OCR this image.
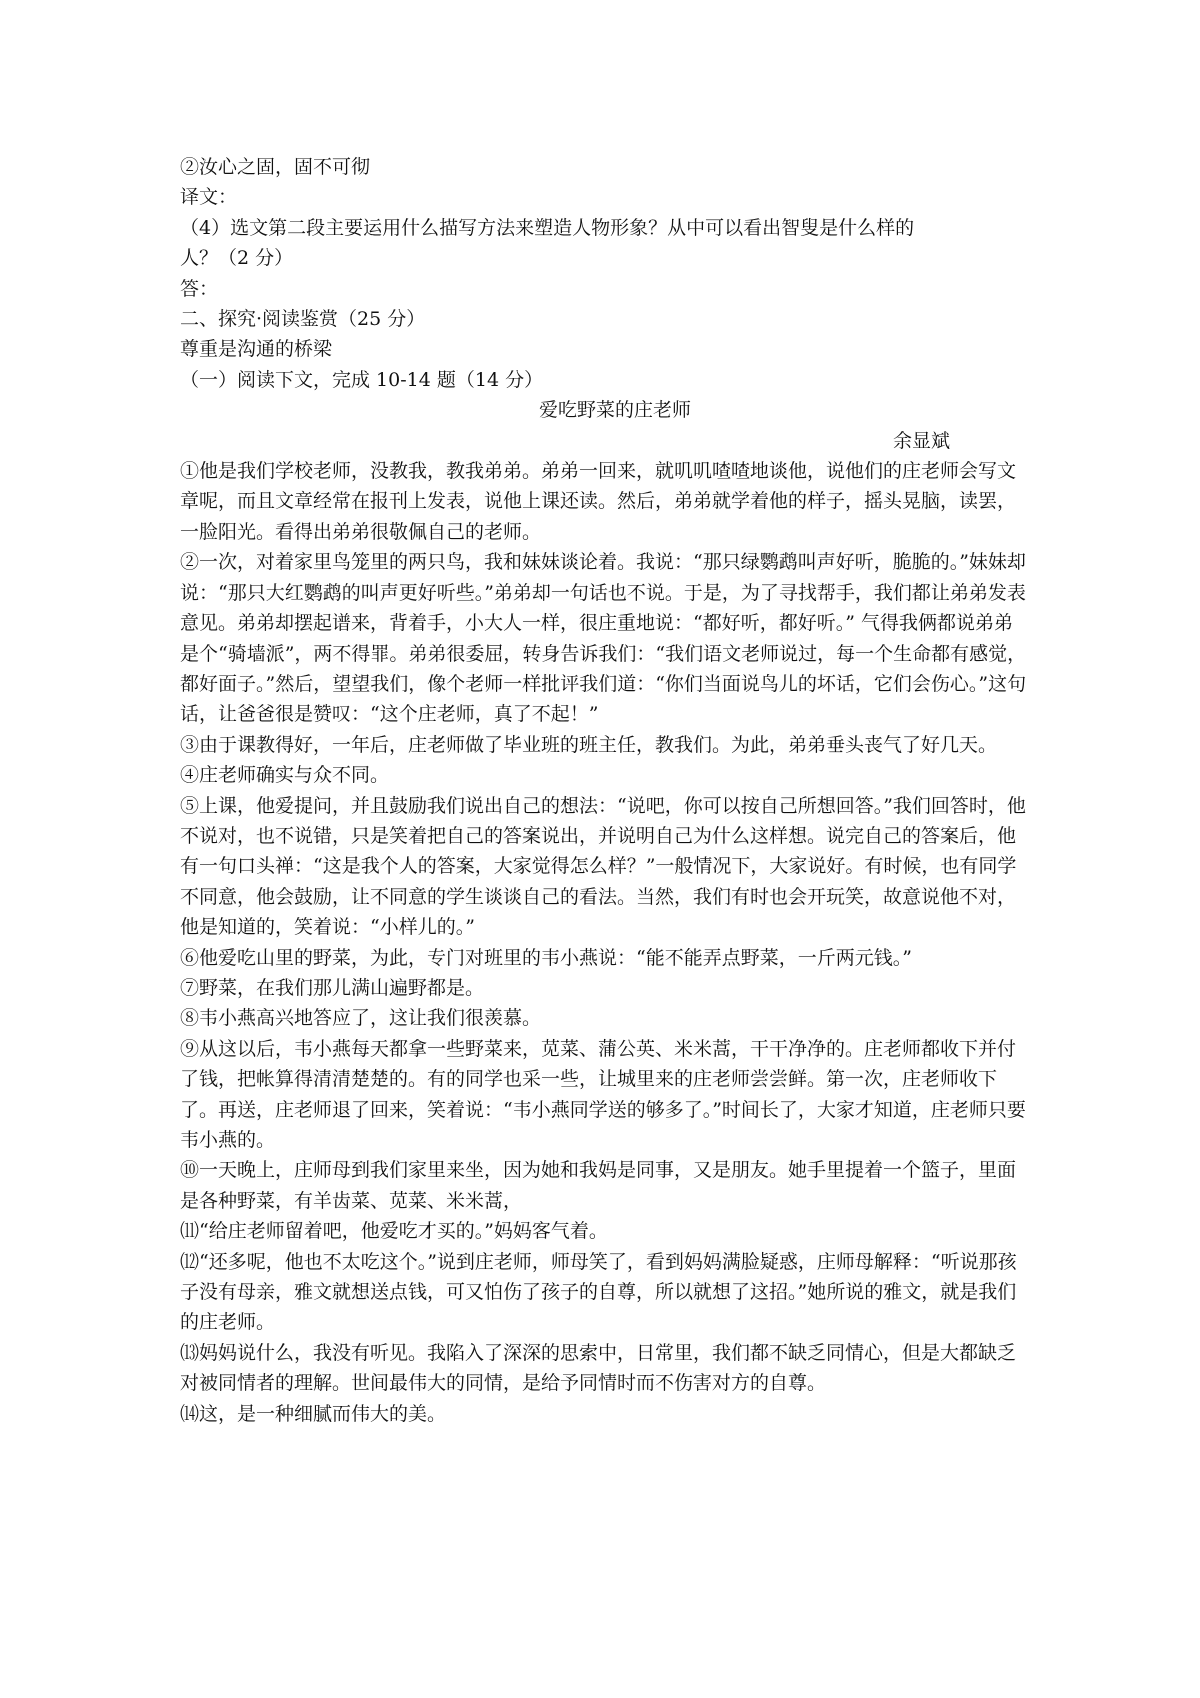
②汝心之固，固不可彻

译文：

（4）选文第二段主要运用什么描写方法来塑造人物形象？从中可以看出智叟是什么样的

人？（2 分）

答：

二、探究·阅读鉴赏（25 分）

尊重是沟通的桥梁

（一）阅读下文，完成 10-14 题（14 分）

爱吃野菜的庄老师

余显斌

①他是我们学校老师，没教我，教我弟弟。弟弟一回来，就叽叽喳喳地谈他，说他们的庄老师会写文章呢，而且文章经常在报刊上发表，说他上课还读。然后，弟弟就学着他的样子，摇头晃脑，读罢，一脸阳光。看得出弟弟很敬佩自己的老师。

②一次，对着家里鸟笼里的两只鸟，我和妹妹谈论着。我说：“那只绿鹦鹉叫声好听，脆脆的。”妹妹却说：“那只大红鹦鹉的叫声更好听些。”弟弟却一句话也不说。于是，为了寻找帮手，我们都让弟弟发表意见。弟弟却摆起谱来，背着手，小大人一样，很庄重地说：“都好听，都好听。” 气得我俩都说弟弟是个“骑墙派”，两不得罪。弟弟很委屈，转身告诉我们：“我们语文老师说过，每一个生命都有感觉，都好面子。”然后，望望我们，像个老师一样批评我们道：“你们当面说鸟儿的坏话，它们会伤心。”这句话，让爸爸很是赞叹：“这个庄老师，真了不起！”

③由于课教得好，一年后，庄老师做了毕业班的班主任，教我们。为此，弟弟垂头丧气了好几天。

④庄老师确实与众不同。

⑤上课，他爱提问，并且鼓励我们说出自己的想法：“说吧，你可以按自己所想回答。”我们回答时，他不说对，也不说错，只是笑着把自己的答案说出，并说明自己为什么这样想。说完自己的答案后，他有一句口头禅：“这是我个人的答案，大家觉得怎么样？”一般情况下，大家说好。有时候，也有同学不同意，他会鼓励，让不同意的学生谈谈自己的看法。当然，我们有时也会开玩笑，故意说他不对，他是知道的，笑着说：“小样儿的。”

⑥他爱吃山里的野菜，为此，专门对班里的韦小燕说：“能不能弄点野菜，一斤两元钱。”

⑦野菜，在我们那儿满山遍野都是。

⑧韦小燕高兴地答应了，这让我们很羡慕。

⑨从这以后，韦小燕每天都拿一些野菜来，苋菜、蒲公英、米米蒿，干干净净的。庄老师都收下并付了钱，把帐算得清清楚楚的。有的同学也采一些，让城里来的庄老师尝尝鲜。第一次，庄老师收下了。再送，庄老师退了回来，笑着说：“韦小燕同学送的够多了。”时间长了，大家才知道，庄老师只要韦小燕的。

⑩一天晚上，庄师母到我们家里来坐，因为她和我妈是同事，又是朋友。她手里提着一个篮子，里面是各种野菜，有羊齿菜、苋菜、米米蒿，

⑾“给庄老师留着吧，他爱吃才买的。”妈妈客气着。

⑿“还多呢，他也不太吃这个。”说到庄老师，师母笑了，看到妈妈满脸疑惑，庄师母解释：“听说那孩子没有母亲，雅文就想送点钱，可又怕伤了孩子的自尊，所以就想了这招。”她所说的雅文，就是我们的庄老师。

⒀妈妈说什么，我没有听见。我陷入了深深的思索中，日常里，我们都不缺乏同情心，但是大都缺乏对被同情者的理解。世间最伟大的同情，是给予同情时而不伤害对方的自尊。

⒁这，是一种细腻而伟大的美。
